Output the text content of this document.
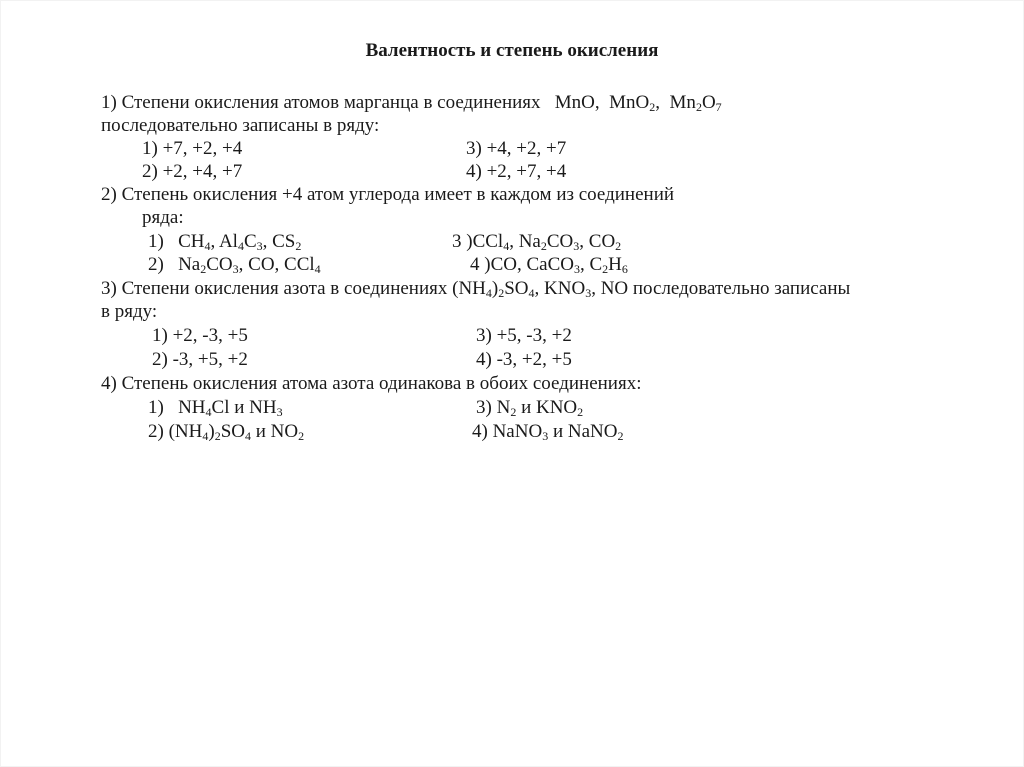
Валентность и степень окисления
1) Степени окисления атомов марганца в соединениях MnO, MnO$_2$, $Mn_2O_7$
последовательно записаны в ряду:
1) +7, +2, +4	3) +4, +2, +7
2) +2, +4, +7	4) +2, +7, +4
2) Степень окисления +4 атом углерода имеет в каждом из соединений
ряда:
1) $CH_4$, $Al_4C_3$, $CS_2$	3 )CCl$_4$, $Na_2CO_3$, $CO_2$
2) $Na_2CO_3$, CO, CCl$_4$	4 )CO, CaCO$_3$, $C_2H_6$
3) Степени окисления азота в соединениях $(NH_4)_2SO_4$, $KNO_3$, NO последовательно записаны
в ряду:
1) +2, -3, +5	3) +5, -3, +2
2) -3, +5, +2	4) -3, +2, +5
4) Степень окисления атома азота одинакова в обоих соединениях:
1) $NH_4Cl$ и $NH_3$	3) $N_2$ и $KNO_2$
2) $(NH_4)_2SO_4$ и $NO_2$	4) NaNO$_3$ и NaNO$_2$
